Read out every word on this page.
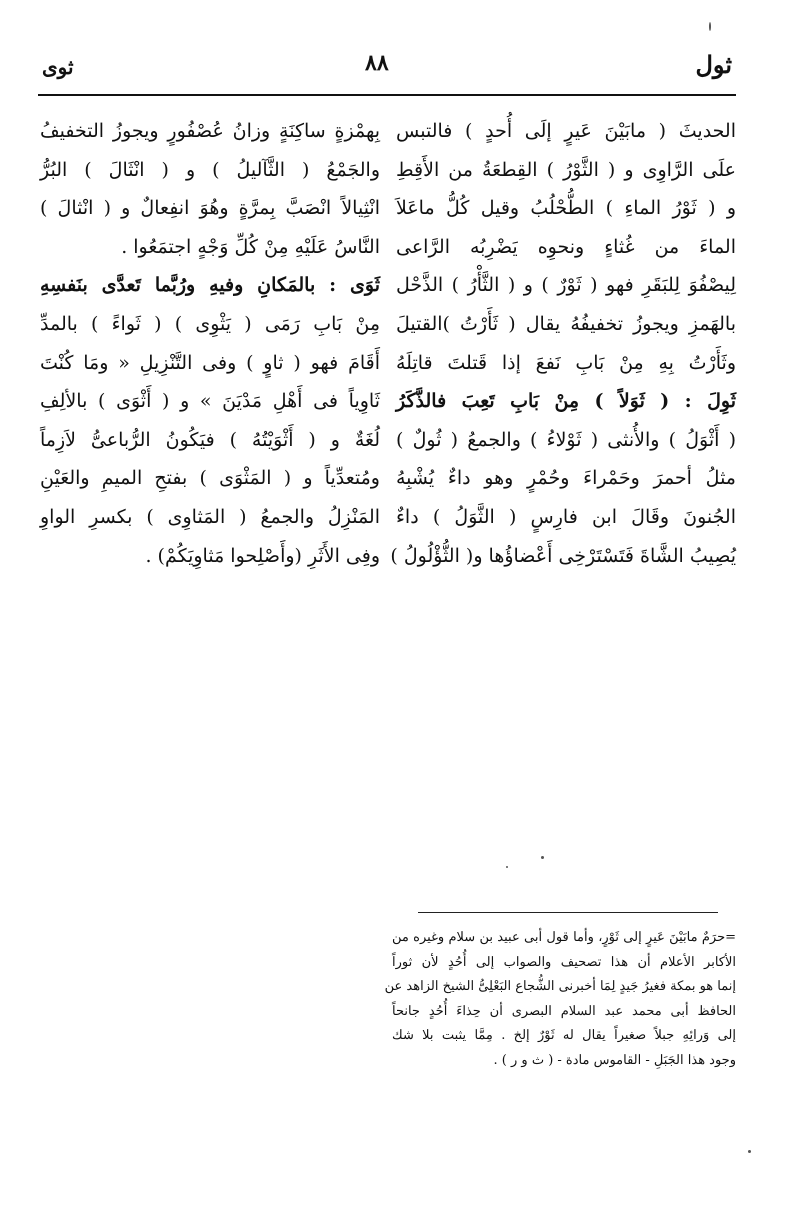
ثول
٨٨
ثوى
الحديثَ ( مابَيْنَ عَيرٍ إلَى أُحدٍ ) فالتبس
علَى الرَّاوِى و ( الثَّوْرُ ) القِطعَةُ من الأَقِطِ
و ( ثَوْرُ الماءِ ) الطُّحْلُبُ وقيل كُلُّ ماعَلاَ
الماءَ من غُثاءٍ ونحوِه يَضْرِبُه الرَّاعى
لِيصْفُوَ لِلبَقَرِ فهو ( ثَوْرٌ ) و ( الثَّأْرُ ) الذَّحْل
بالهَمزِ ويجوزُ تخفيفُهُ يقال ( ثَأَرْتُ )القتيلَ
وثَأَرْتُ بِهِ مِنْ بَابِ نَفعَ إذا قَتلتَ قاتِلَهُ
ثَوِلَ : ( ثَوَلاً ) مِنْ بَابِ تَعِبَ فالذَّكَرُ
( أَثْوَلُ ) والأُنثى ( ثَوْلاءُ ) والجمعُ ( ثُولٌ )
مثلُ أحمرَ وحَمْراءَ وحُمْرٍ وهو داءٌ يُشْبِهُ
الجُنونَ وقَالَ ابن فارِسٍ ( الثَّوَلُ ) داءٌ
يُصِيبُ الشَّاةَ فَتَسْتَرْخِى أَعْضاؤُها و( الثُّؤْلُولُ )
بِهمْزةٍ ساكِنَةٍ وزانُ عُصْفُورٍ ويجوزُ التخفيفُ
والجَمْعُ ( الثَّآليلُ ) و ( انْثَالَ ) البُرُّ
انْثِيالاً انْصَبَّ بِمرَّةٍ وهُوَ انفِعالٌ و ( انْثالَ )
النَّاسُ عَلَيْهِ مِنْ كُلِّ وَجْهٍ اجتمَعُوا .
ثَوَى : بالمَكانِ وفيهِ ورُبَّما تَعدَّى بنَفسِهِ
مِنْ بَابِ رَمَى ( يَثْوِى ) ( ثَواءً ) بالمدِّ
أَقَامَ فهو ( ثاوٍ ) وفى التَّنْزِيلِ « ومَا كُنْتَ
ثَاوِياً فى أَهْلِ مَدْيَنَ » و ( أَثْوَى ) بالألِفِ
لُغَةٌ و ( أَثْوَيْتُهُ ) فيَكُونُ الرُّباعىُّ لاَزِماً
ومُتعدِّياً و ( المَثْوَى ) بفتحِ الميمِ والعَيْنِ
المَنْزِلُ والجمعُ ( المَثاوِى ) بكسرِ الواوِ
وفِى الأَثَرِ (وأَصْلِحوا مَثاوِيَكُمْ) .
=حرَمٌ مابَيْنَ عَيرٍ إلى ثَوْرٍ، وأما قول أبى عبيد بن سلام وغيره من
الأكابر الأعلام أن هذا تصحيف والصواب إلى أُحُدٍ لأن ثوراً
إنما هو بمكة فغيرُ جَيدٍ لِمَا أخبرنى الشُّجاع البَعْلِىُّ الشيخ الزاهد عن
الحافظ أبى محمد عبد السلام البصرى أن حِذاءَ أُحُدٍ جانحاً
إلى وَرائِهِ جبلاً صغيراً يقال له ثَوْرٌ إلخ . مِمَّا يثبت بلا شك
وجود هذا الجَبَلِ - القاموس مادة - ( ث و ر ) .
